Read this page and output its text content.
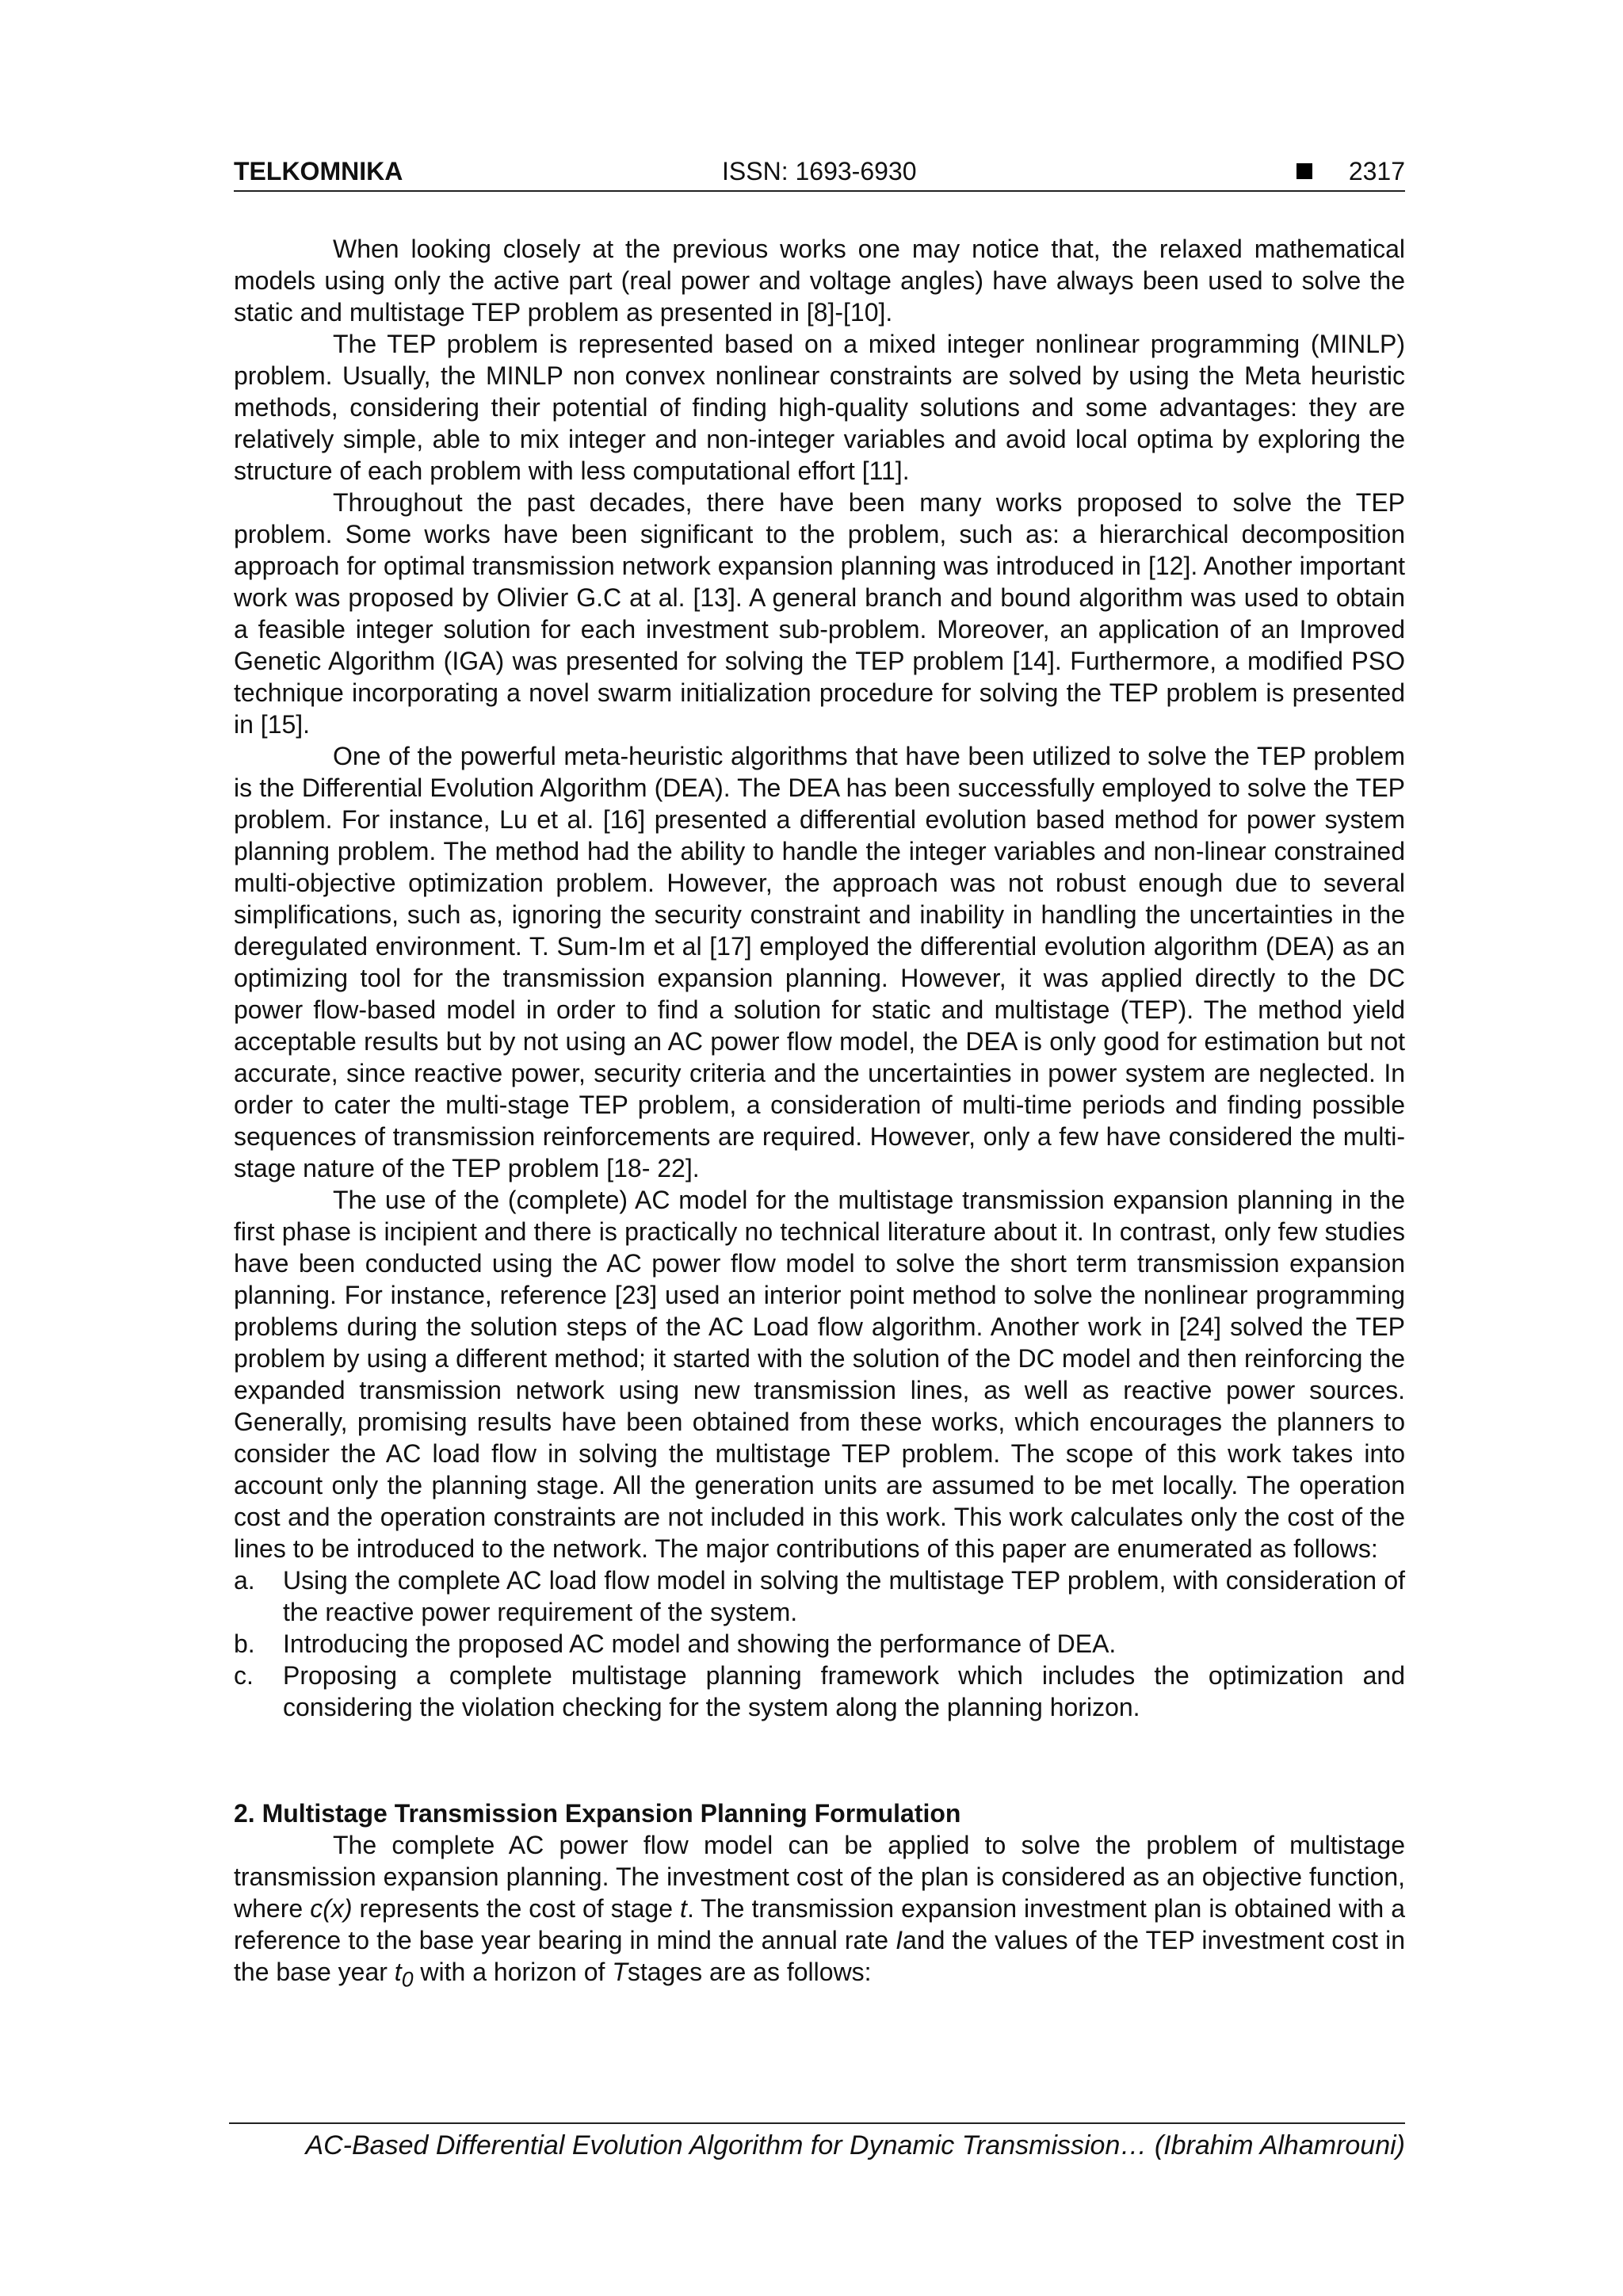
TELKOMNIKA	ISSN: 1693-6930	2317

When looking closely at the previous works one may notice that, the relaxed mathematical models using only the active part (real power and voltage angles) have always been used to solve the static and multistage TEP problem as presented in [8]-[10].

The TEP problem is represented based on a mixed integer nonlinear programming (MINLP) problem. Usually, the MINLP non convex nonlinear constraints are solved by using the Meta heuristic methods, considering their potential of finding high-quality solutions and some advantages: they are relatively simple, able to mix integer and non-integer variables and avoid local optima by exploring the structure of each problem with less computational effort [11].

Throughout the past decades, there have been many works proposed to solve the TEP problem. Some works have been significant to the problem, such as: a hierarchical decomposition approach for optimal transmission network expansion planning was introduced in [12]. Another important work was proposed by Olivier G.C at al. [13]. A general branch and bound algorithm was used to obtain a feasible integer solution for each investment sub-problem. Moreover, an application of an Improved Genetic Algorithm (IGA) was presented for solving the TEP problem [14]. Furthermore, a modified PSO technique incorporating a novel swarm initialization procedure for solving the TEP problem is presented in [15].

One of the powerful meta-heuristic algorithms that have been utilized to solve the TEP problem is the Differential Evolution Algorithm (DEA). The DEA has been successfully employed to solve the TEP problem. For instance, Lu et al. [16] presented a differential evolution based method for power system planning problem. The method had the ability to handle the integer variables and non-linear constrained multi-objective optimization problem. However, the approach was not robust enough due to several simplifications, such as, ignoring the security constraint and inability in handling the uncertainties in the deregulated environment. T. Sum-Im et al [17] employed the differential evolution algorithm (DEA) as an optimizing tool for the transmission expansion planning. However, it was applied directly to the DC power flow-based model in order to find a solution for static and multistage (TEP). The method yield acceptable results but by not using an AC power flow model, the DEA is only good for estimation but not accurate, since reactive power, security criteria and the uncertainties in power system are neglected. In order to cater the multi-stage TEP problem, a consideration of multi-time periods and finding possible sequences of transmission reinforcements are required. However, only a few have considered the multi-stage nature of the TEP problem [18- 22].

The use of the (complete) AC model for the multistage transmission expansion planning in the first phase is incipient and there is practically no technical literature about it. In contrast, only few studies have been conducted using the AC power flow model to solve the short term transmission expansion planning. For instance, reference [23] used an interior point method to solve the nonlinear programming problems during the solution steps of the AC Load flow algorithm. Another work in [24] solved the TEP problem by using a different method; it started with the solution of the DC model and then reinforcing the expanded transmission network using new transmission lines, as well as reactive power sources. Generally, promising results have been obtained from these works, which encourages the planners to consider the AC load flow in solving the multistage TEP problem. The scope of this work takes into account only the planning stage. All the generation units are assumed to be met locally. The operation cost and the operation constraints are not included in this work. This work calculates only the cost of the lines to be introduced to the network. The major contributions of this paper are enumerated as follows:

a. Using the complete AC load flow model in solving the multistage TEP problem, with consideration of the reactive power requirement of the system.
b. Introducing the proposed AC model and showing the performance of DEA.
c. Proposing a complete multistage planning framework which includes the optimization and considering the violation checking for the system along the planning horizon.
2. Multistage Transmission Expansion Planning Formulation

The complete AC power flow model can be applied to solve the problem of multistage transmission expansion planning. The investment cost of the plan is considered as an objective function, where c(x) represents the cost of stage t. The transmission expansion investment plan is obtained with a reference to the base year bearing in mind the annual rate Iand the values of the TEP investment cost in the base year $t_0$ with a horizon of Tstages are as follows:

AC-Based Differential Evolution Algorithm for Dynamic Transmission… (Ibrahim Alhamrouni)
